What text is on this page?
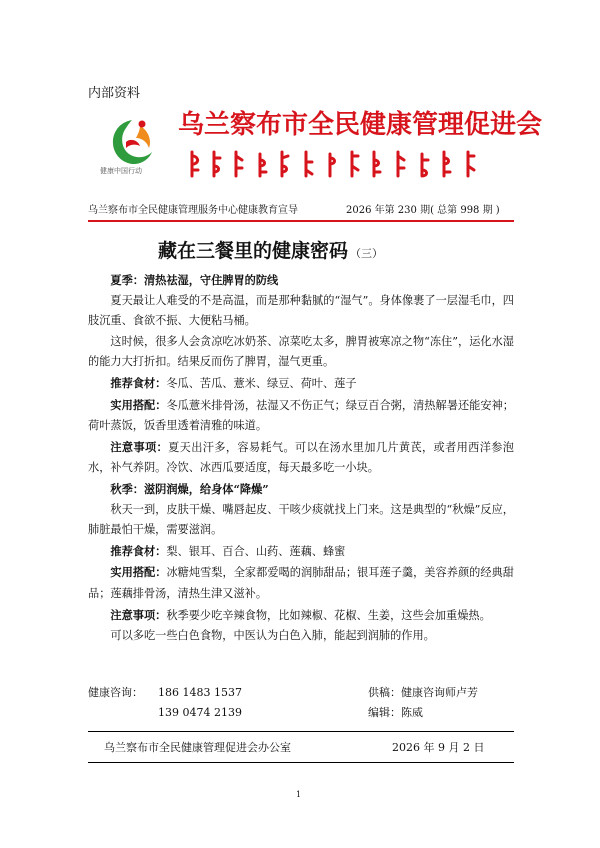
内部资料
健康中国行动
乌兰察布市全民健康管理促进会
乌兰察布市全民健康管理服务中心健康教育宣导	2026 年第 230 期( 总第 998 期 )
藏在三餐里的健康密码 （三）

夏季：清热祛湿，守住脾胃的防线

夏天最让人难受的不是高温，而是那种黏腻的“湿气”。身体像裹了一层湿毛巾，四肢沉重、食欲不振、大便粘马桶。

这时候，很多人会贪凉吃冰奶茶、凉菜吃太多，脾胃被寒凉之物“冻住”，运化水湿的能力大打折扣。结果反而伤了脾胃，湿气更重。

推荐食材：冬瓜、苦瓜、薏米、绿豆、荷叶、莲子

实用搭配：冬瓜薏米排骨汤，祛湿又不伤正气；绿豆百合粥，清热解暑还能安神；荷叶蒸饭，饭香里透着清雅的味道。

注意事项：夏天出汗多，容易耗气。可以在汤水里加几片黄芪，或者用西洋参泡水，补气养阴。冷饮、冰西瓜要适度，每天最多吃一小块。

秋季：滋阴润燥，给身体“降燥”

秋天一到，皮肤干燥、嘴唇起皮、干咳少痰就找上门来。这是典型的“秋燥”反应，肺脏最怕干燥，需要滋润。

推荐食材：梨、银耳、百合、山药、莲藕、蜂蜜

实用搭配：冰糖炖雪梨，全家都爱喝的润肺甜品；银耳莲子羹，美容养颜的经典甜品；莲藕排骨汤，清热生津又滋补。

注意事项：秋季要少吃辛辣食物，比如辣椒、花椒、生姜，这些会加重燥热。

可以多吃一些白色食物，中医认为白色入肺，能起到润肺的作用。

健康咨询： 186 1483 1537	供稿：健康咨询师卢芳
139 0474 2139	编辑：陈威
乌兰察布市全民健康管理促进会办公室	2026 年 9 月 2 日
1
